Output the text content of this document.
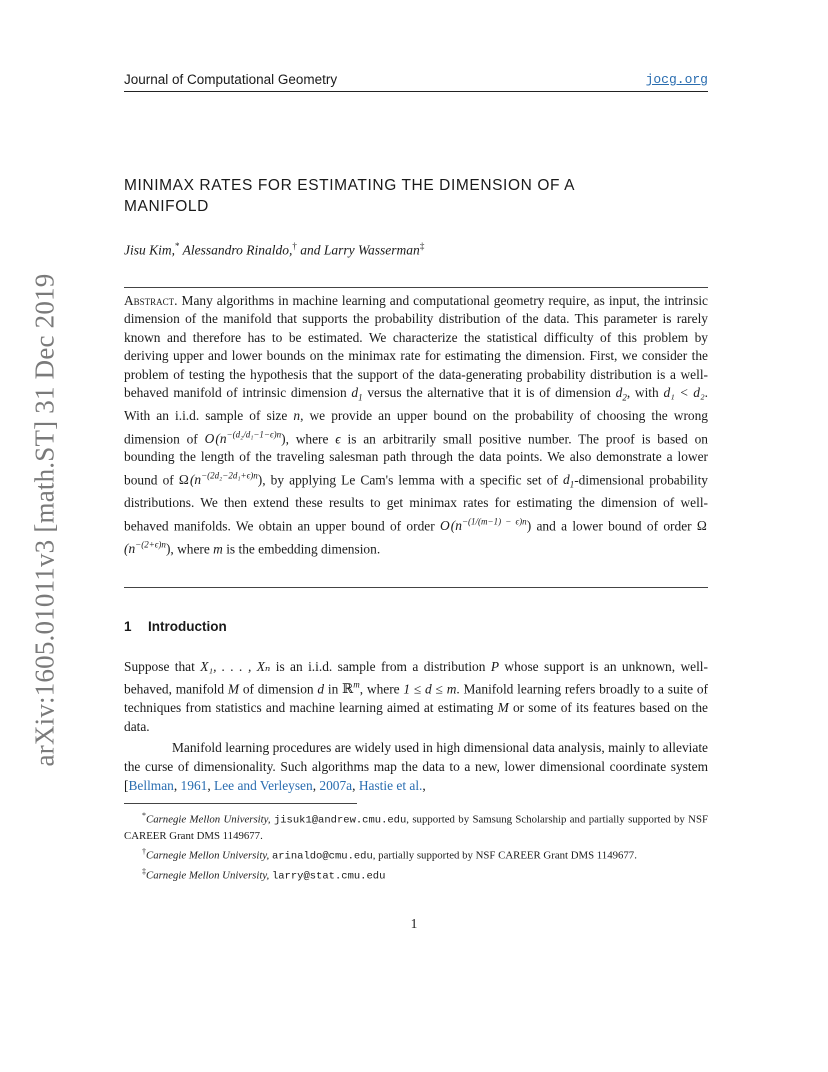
arXiv:1605.01011v3 [math.ST] 31 Dec 2019
Journal of Computational Geometry	jocg.org
MINIMAX RATES FOR ESTIMATING THE DIMENSION OF A MANIFOLD
Jisu Kim,* Alessandro Rinaldo,† and Larry Wasserman‡
Abstract. Many algorithms in machine learning and computational geometry require, as input, the intrinsic dimension of the manifold that supports the probability distribution of the data. This parameter is rarely known and therefore has to be estimated. We characterize the statistical difficulty of this problem by deriving upper and lower bounds on the minimax rate for estimating the dimension. First, we consider the problem of testing the hypothesis that the support of the data-generating probability distribution is a well-behaved manifold of intrinsic dimension $d_1$ versus the alternative that it is of dimension $d_2$, with d₁ < d₂. With an i.i.d. sample of size n, we provide an upper bound on the probability of choosing the wrong dimension of O $(n^{-(d_2/d_1-1-\epsilon)n})$, where ϵ is an arbitrarily small positive number. The proof is based on bounding the length of the traveling salesman path through the data points. We also demonstrate a lower bound of Ω $(n^{-(2d_2-2d_1+\epsilon)n})$, by applying Le Cam's lemma with a specific set of $d_1$-dimensional probability distributions. We then extend these results to get minimax rates for estimating the dimension of well-behaved manifolds. We obtain an upper bound of order O $(n^{-(1/(m-1) - \epsilon)n})$ and a lower bound of order Ω $(n^{-(2+\epsilon)n})$, where m is the embedding dimension.
1 Introduction
Suppose that X₁, . . . , Xₙ is an i.i.d. sample from a distribution P whose support is an unknown, well-behaved, manifold M of dimension d in ℝ$^m$, where 1 ≤ d ≤ m. Manifold learning refers broadly to a suite of techniques from statistics and machine learning aimed at estimating M or some of its features based on the data.
Manifold learning procedures are widely used in high dimensional data analysis, mainly to alleviate the curse of dimensionality. Such algorithms map the data to a new, lower dimensional coordinate system [Bellman, 1961, Lee and Verleysen, 2007a, Hastie et al.,

*Carnegie Mellon University, jisuk1@andrew.cmu.edu, supported by Samsung Scholarship and partially supported by NSF CAREER Grant DMS 1149677.

†Carnegie Mellon University, arinaldo@cmu.edu, partially supported by NSF CAREER Grant DMS 1149677.

‡Carnegie Mellon University, larry@stat.cmu.edu

1
